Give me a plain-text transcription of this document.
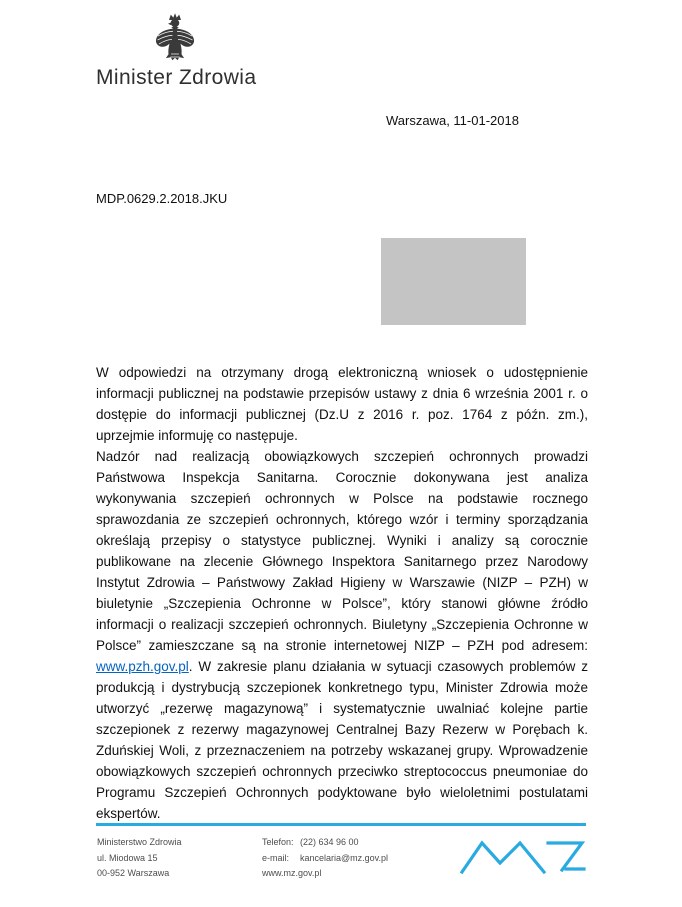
Minister Zdrowia
Warszawa, 11-01-2018
MDP.0629.2.2018.JKU

W odpowiedzi na otrzymany drogą elektroniczną wniosek o udostępnienie informacji publicznej na podstawie przepisów ustawy z dnia 6 września 2001 r. o dostępie do informacji publicznej (Dz.U z 2016 r. poz. 1764 z późn. zm.), uprzejmie informuję co następuje.

Nadzór nad realizacją obowiązkowych szczepień ochronnych prowadzi Państwowa Inspekcja Sanitarna. Corocznie dokonywana jest analiza wykonywania szczepień ochronnych w Polsce na podstawie rocznego sprawozdania ze szczepień ochronnych, którego wzór i terminy sporządzania określają przepisy o statystyce publicznej. Wyniki i analizy są corocznie publikowane na zlecenie Głównego Inspektora Sanitarnego przez Narodowy Instytut Zdrowia – Państwowy Zakład Higieny w Warszawie (NIZP – PZH) w biuletynie „Szczepienia Ochronne w Polsce”, który stanowi główne źródło informacji o realizacji szczepień ochronnych. Biuletyny „Szczepienia Ochronne w Polsce” zamieszczane są na stronie internetowej NIZP – PZH pod adresem: www.pzh.gov.pl. W zakresie planu działania w sytuacji czasowych problemów z produkcją i dystrybucją szczepionek konkretnego typu, Minister Zdrowia może utworzyć „rezerwę magazynową” i systematycznie uwalniać kolejne partie szczepionek z rezerwy magazynowej Centralnej Bazy Rezerw w Porębach k. Zduńskiej Woli, z przeznaczeniem na potrzeby wskazanej grupy. Wprowadzenie obowiązkowych szczepień ochronnych przeciwko streptococcus pneumoniae do Programu Szczepień Ochronnych podyktowane było wieloletnimi postulatami ekspertów.

Ministerstwo Zdrowia
ul. Miodowa 15
00-952 Warszawa
Telefon: (22) 634 96 00
e-mail:	kancelaria@mz.gov.pl
www.mz.gov.pl
